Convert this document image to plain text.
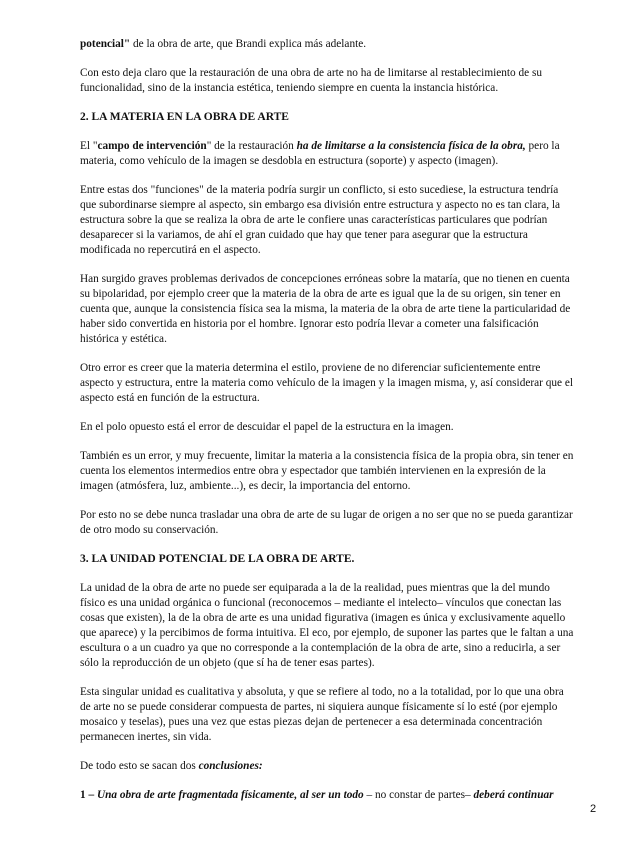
potencial" de la obra de arte, que Brandi explica más adelante.

Con esto deja claro que la restauración de una obra de arte no ha de limitarse al restablecimiento de su funcionalidad, sino de la instancia estética, teniendo siempre en cuenta la instancia histórica.

2. LA MATERIA EN LA OBRA DE ARTE

El "campo de intervención" de la restauración ha de limitarse a la consistencia física de la obra, pero la materia, como vehículo de la imagen se desdobla en estructura (soporte) y aspecto (imagen).

Entre estas dos "funciones" de la materia podría surgir un conflicto, si esto sucediese, la estructura tendría que subordinarse siempre al aspecto, sin embargo esa división entre estructura y aspecto no es tan clara, la estructura sobre la que se realiza la obra de arte le confiere unas características particulares que podrían desaparecer si la variamos, de ahí el gran cuidado que hay que tener para asegurar que la estructura modificada no repercutirá en el aspecto.

Han surgido graves problemas derivados de concepciones erróneas sobre la mataría, que no tienen en cuenta su bipolaridad, por ejemplo creer que la materia de la obra de arte es igual que la de su origen, sin tener en cuenta que, aunque la consistencia física sea la misma, la materia de la obra de arte tiene la particularidad de haber sido convertida en historia por el hombre. Ignorar esto podría llevar a cometer una falsificación histórica y estética.

Otro error es creer que la materia determina el estilo, proviene de no diferenciar suficientemente entre aspecto y estructura, entre la materia como vehículo de la imagen y la imagen misma, y, así considerar que el aspecto está en función de la estructura.

En el polo opuesto está el error de descuidar el papel de la estructura en la imagen.

También es un error, y muy frecuente, limitar la materia a la consistencia física de la propia obra, sin tener en cuenta los elementos intermedios entre obra y espectador que también intervienen en la expresión de la imagen (atmósfera, luz, ambiente...), es decir, la importancia del entorno.

Por esto no se debe nunca trasladar una obra de arte de su lugar de origen a no ser que no se pueda garantizar de otro modo su conservación.

3. LA UNIDAD POTENCIAL DE LA OBRA DE ARTE.

La unidad de la obra de arte no puede ser equiparada a la de la realidad, pues mientras que la del mundo físico es una unidad orgánica o funcional (reconocemos – mediante el intelecto– vínculos que conectan las cosas que existen), la de la obra de arte es una unidad figurativa (imagen es única y exclusivamente aquello que aparece) y la percibimos de forma intuitiva. El eco, por ejemplo, de suponer las partes que le faltan a una escultura o a un cuadro ya que no corresponde a la contemplación de la obra de arte, sino a reducirla, a ser sólo la reproducción de un objeto (que sí ha de tener esas partes).

Esta singular unidad es cualitativa y absoluta, y que se refiere al todo, no a la totalidad, por lo que una obra de arte no se puede considerar compuesta de partes, ni siquiera aunque físicamente sí lo esté (por ejemplo mosaico y teselas), pues una vez que estas piezas dejan de pertenecer a esa determinada concentración permanecen inertes, sin vida.

De todo esto se sacan dos conclusiones:

1 – Una obra de arte fragmentada físicamente, al ser un todo – no constar de partes– deberá continuar

2
